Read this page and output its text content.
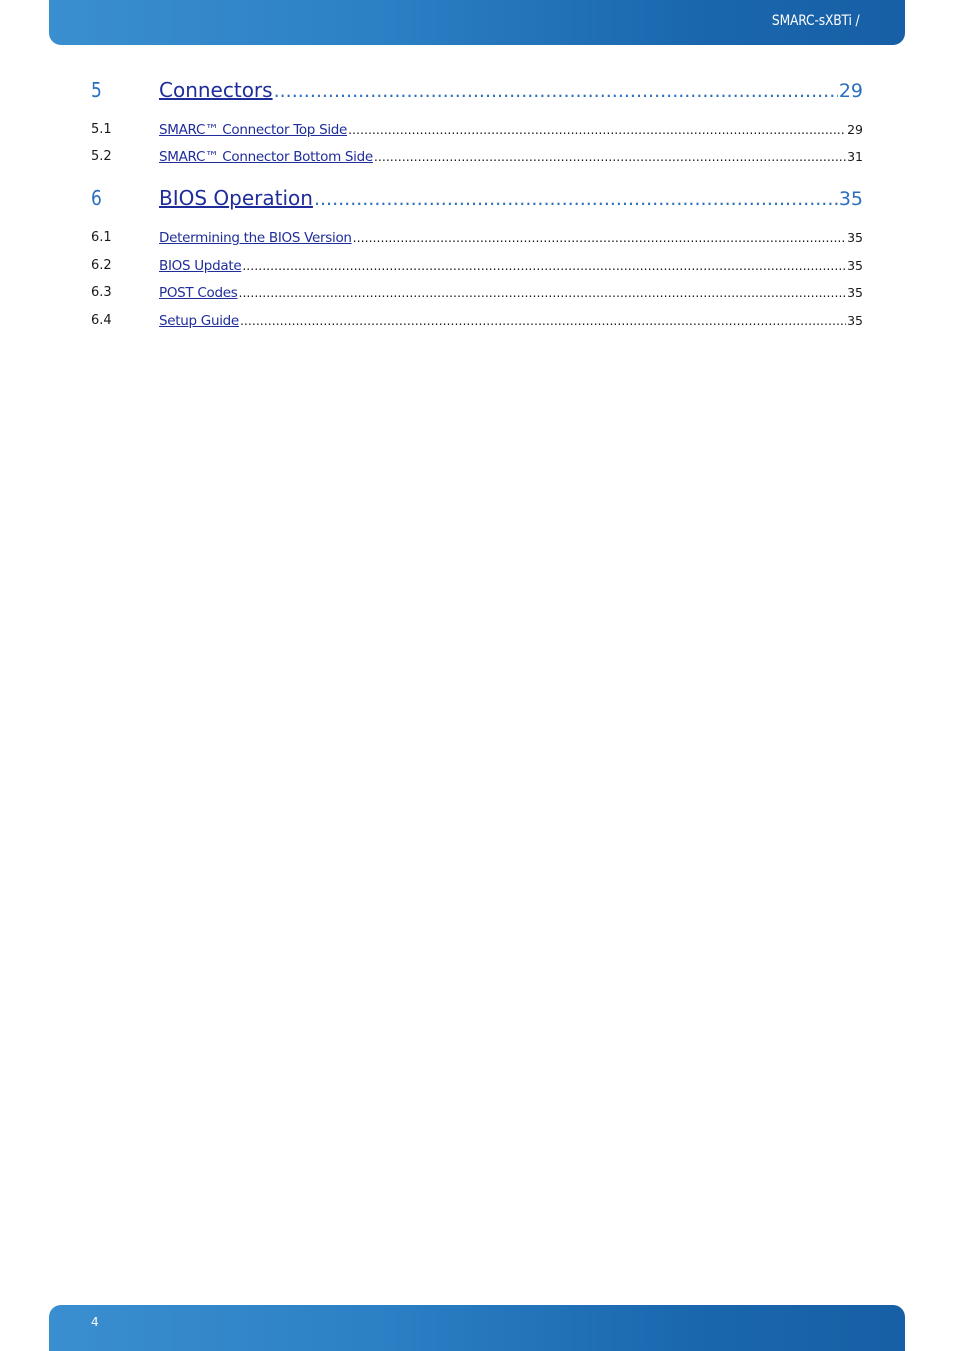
SMARC-sXBTi /
5	Connectors .....	29
5.1	SMARC™ Connector Top Side .....	29
5.2	SMARC™ Connector Bottom Side .....	31
6	BIOS Operation .....	35
6.1	Determining the BIOS Version .....	35
6.2	BIOS Update .....	35
6.3	POST Codes .....	35
6.4	Setup Guide .....	35
4
